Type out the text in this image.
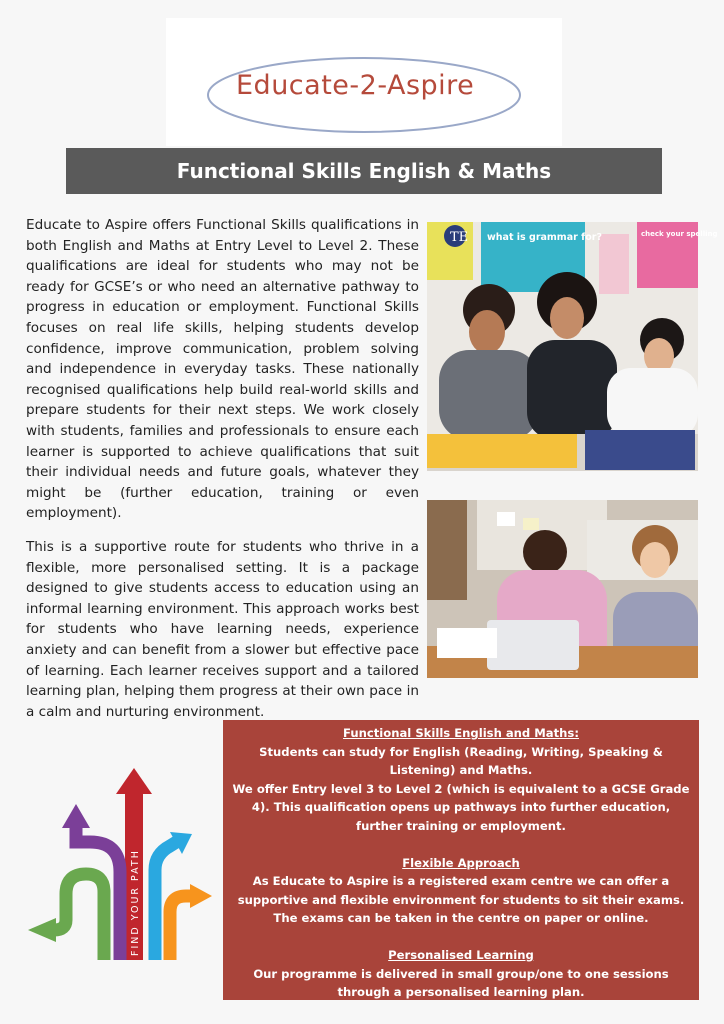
Educate-2-Aspire
Functional Skills English & Maths

Educate to Aspire offers Functional Skills qualifications in both English and Maths at Entry Level to Level 2. These qualifications are ideal for students who may not be ready for GCSE’s or who need an alternative pathway to progress in education or employment. Functional Skills focuses on real life skills, helping students develop confidence, improve communication, problem solving and independence in everyday tasks. These nationally recognised qualifications help build real-world skills and prepare students for their next steps. We work closely with students, families and professionals to ensure each learner is supported to achieve qualifications that suit their individual needs and future goals, whatever they might be (further education, training or even employment).

This is a supportive route for students who thrive in a flexible, more personalised setting. It is a package designed to give students access to education using an informal learning environment. This approach works best for students who have learning needs, experience anxiety and can benefit from a slower but effective pace of learning. Each learner receives support and a tailored learning plan, helping them progress at their own pace in a calm and nurturing environment.

TE what is grammar for?	check your spelling
FIND YOUR PATH
Functional Skills English and Maths:
Students can study for English (Reading, Writing, Speaking & Listening) and Maths.
We offer Entry level 3 to Level 2 (which is equivalent to a GCSE Grade 4). This qualification opens up pathways into further education, further training or employment.
Flexible Approach
As Educate to Aspire is a registered exam centre we can offer a supportive and flexible environment for students to sit their exams. The exams can be taken in the centre on paper or online.
Personalised Learning
Our programme is delivered in small group/one to one sessions through a personalised learning plan.
